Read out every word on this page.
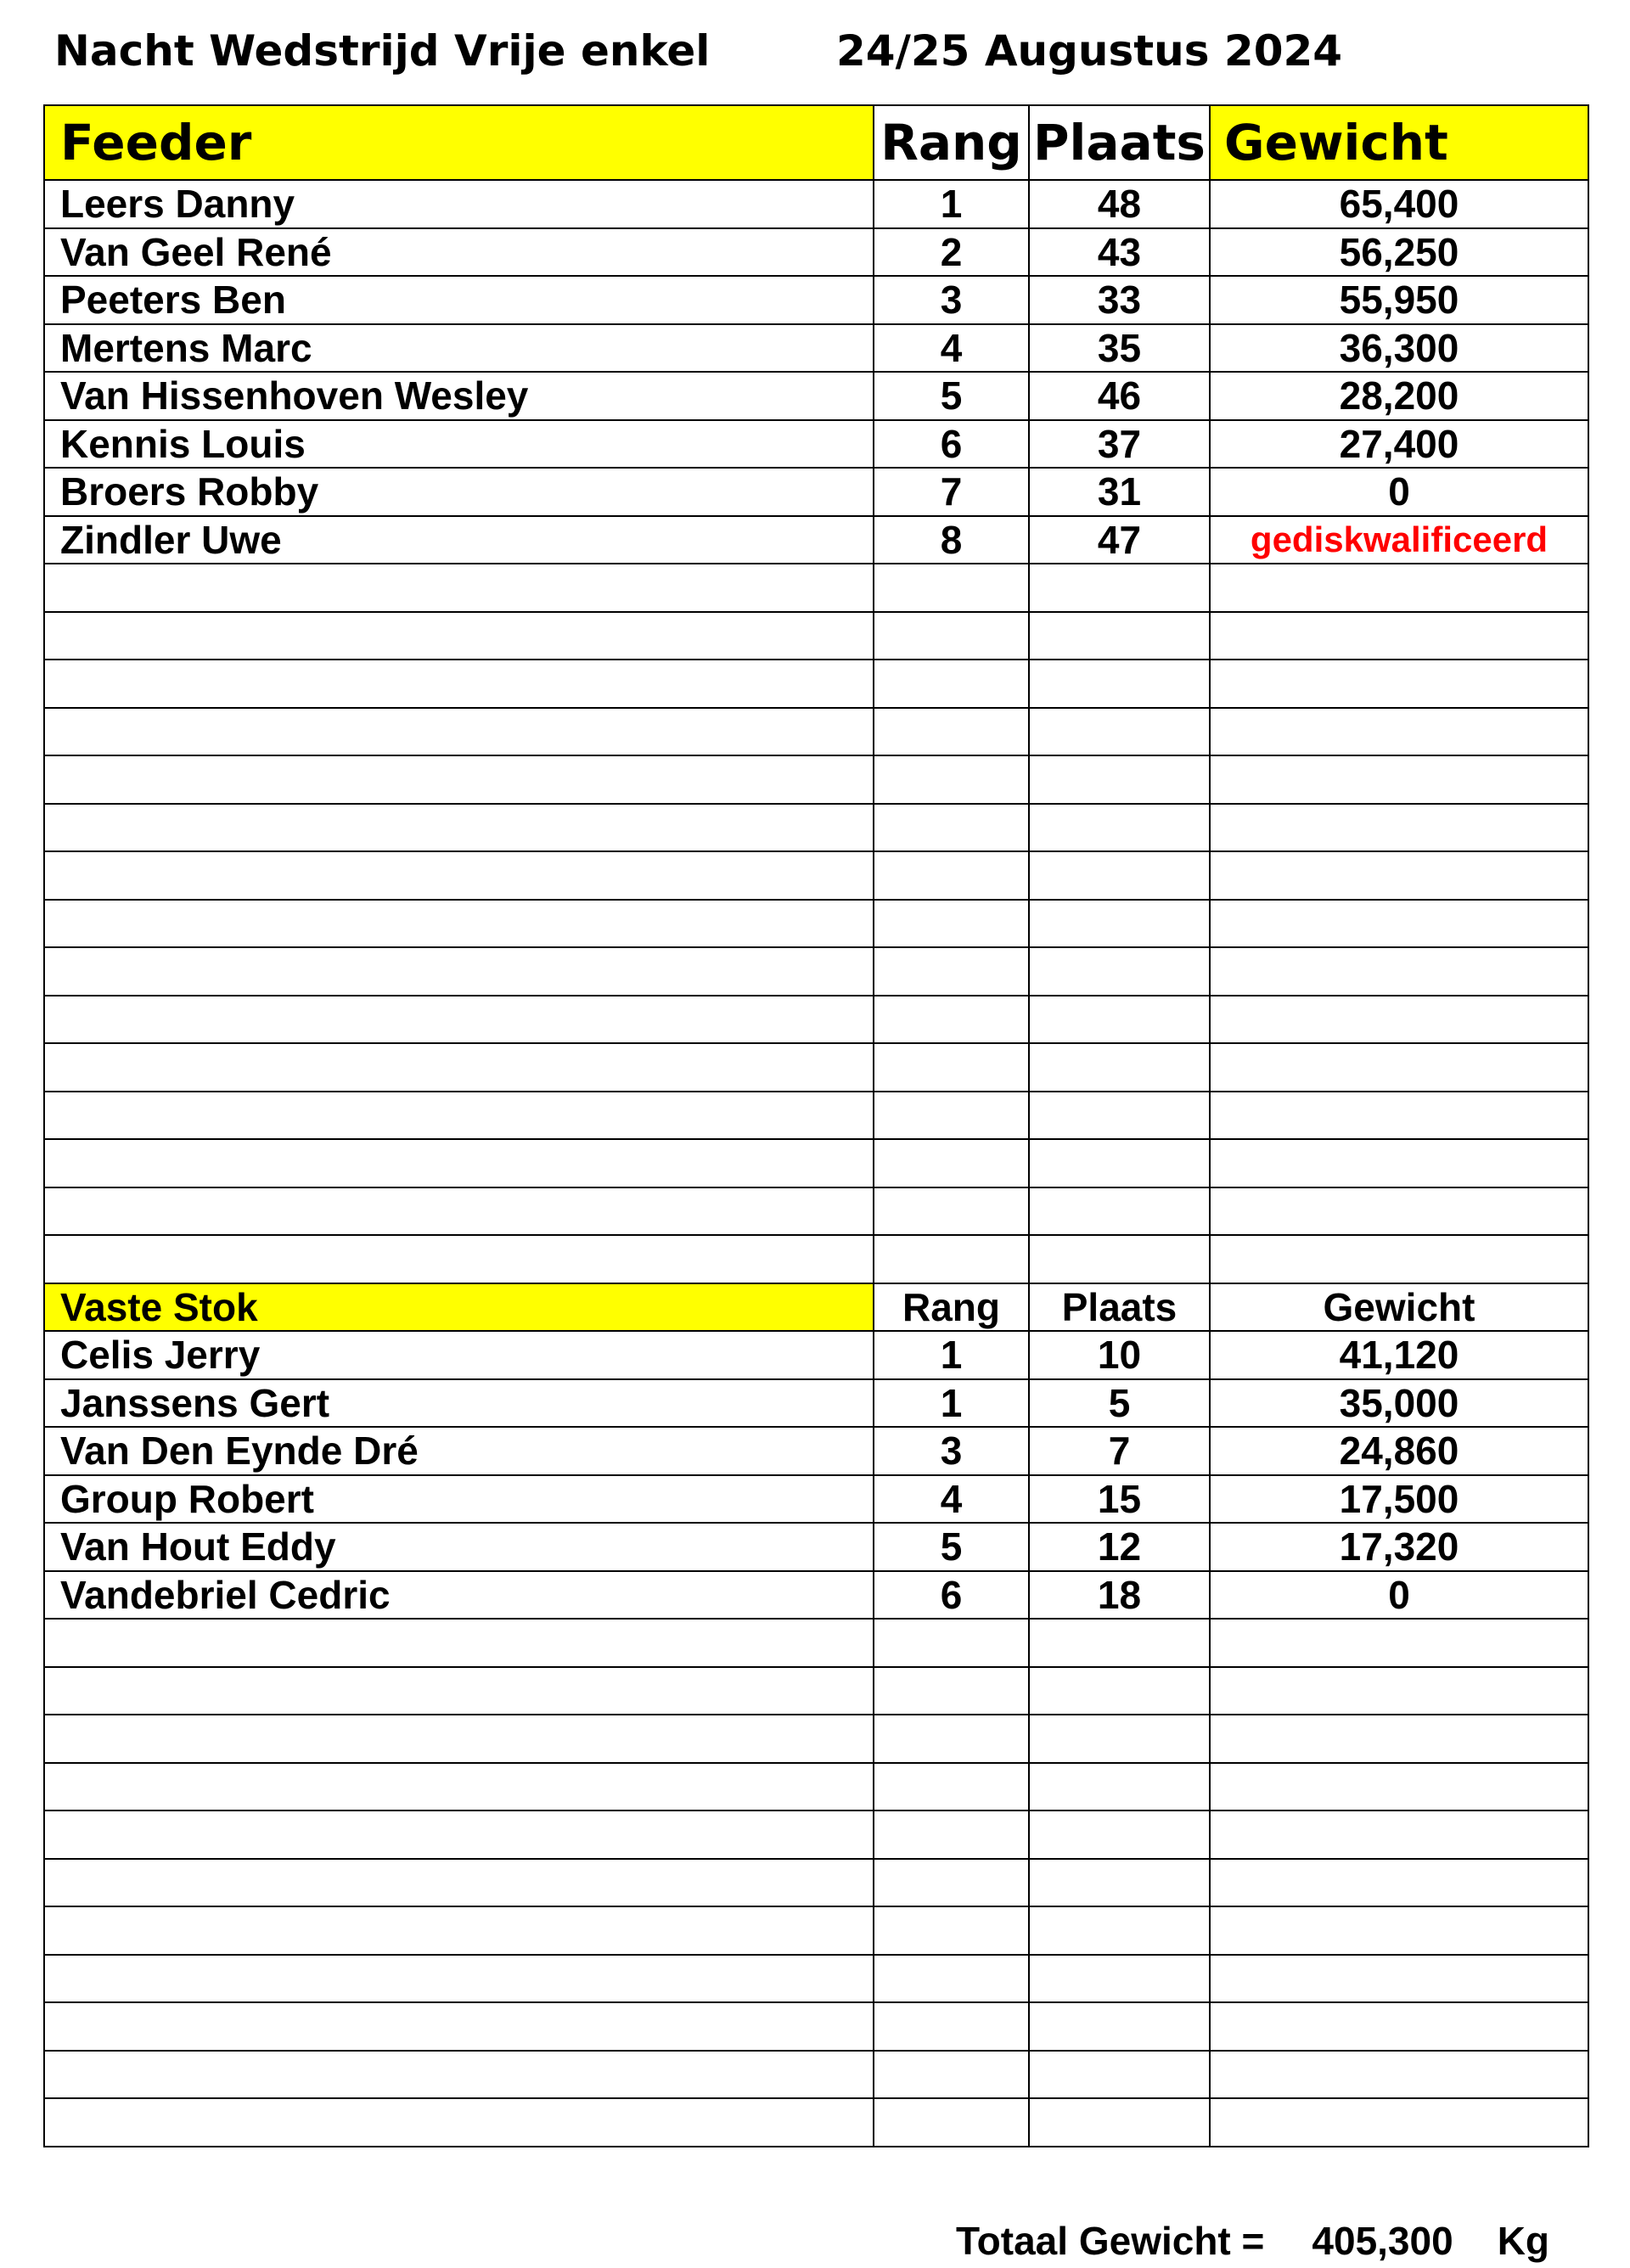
Nacht Wedstrijd Vrije enkel	24/25 Augustus 2024
Feeder	Rang	Plaats	Gewicht
Leers Danny	1	48	65,400
Van Geel René	2	43	56,250
Peeters Ben	3	33	55,950
Mertens Marc	4	35	36,300
Van Hissenhoven Wesley	5	46	28,200
Kennis Louis	6	37	27,400
Broers Robby	7	31	0
Zindler Uwe	8	47	gediskwalificeerd

Vaste Stok	Rang	Plaats	Gewicht
Celis Jerry	1	10	41,120
Janssens Gert	1	5	35,000
Van Den Eynde Dré	3	7	24,860
Group Robert	4	15	17,500
Van Hout Eddy	5	12	17,320
Vandebriel Cedric	6	18	0

Totaal Gewicht = 405,300 Kg
